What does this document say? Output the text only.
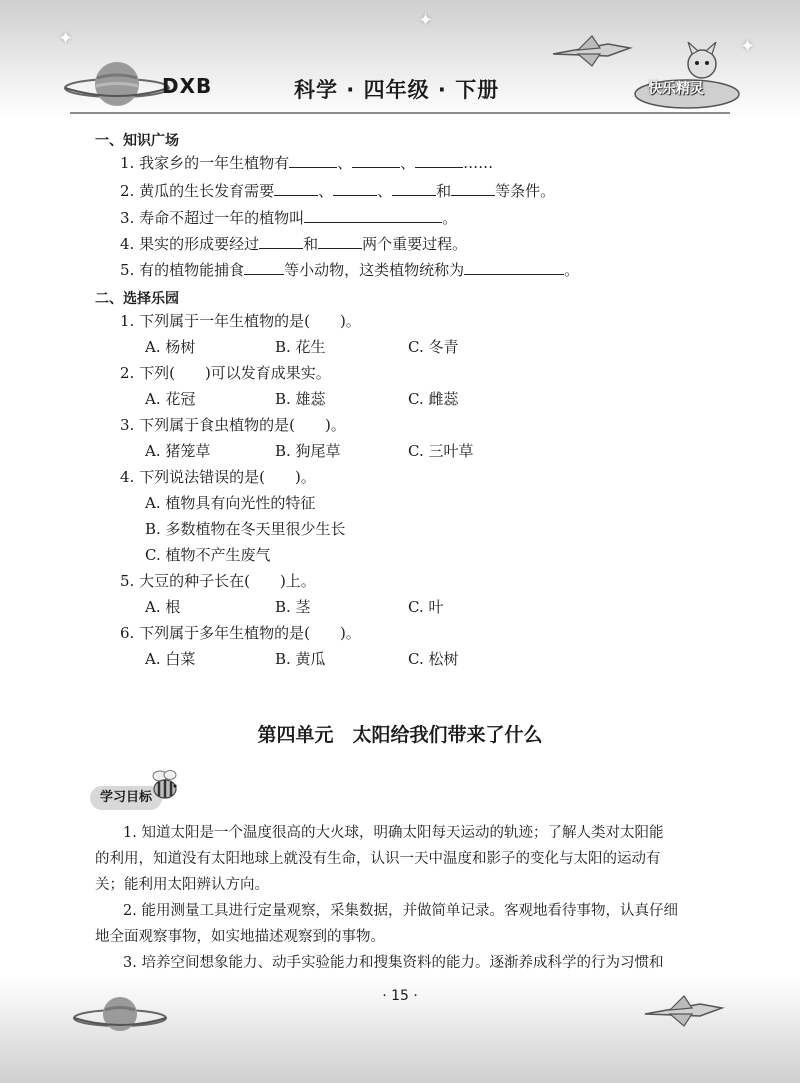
DXB	科学 · 四年级 · 下册
✦
✦
✦
快乐精灵
一、知识广场
1. 我家乡的一年生植物有	、	、	……
2. 黄瓜的生长发育需要	、	、	和	等条件。
3. 寿命不超过一年的植物叫	。
4. 果实的形成要经过	和	两个重要过程。
5. 有的植物能捕食	等小动物，这类植物统称为	。
二、选择乐园
1. 下列属于一年生植物的是( )。
A. 杨树	B. 花生	C. 冬青
2. 下列( )可以发育成果实。
A. 花冠	B. 雄蕊	C. 雌蕊
3. 下列属于食虫植物的是( )。
A. 猪笼草	B. 狗尾草	C. 三叶草
4. 下列说法错误的是( )。
A. 植物具有向光性的特征
B. 多数植物在冬天里很少生长
C. 植物不产生废气
5. 大豆的种子长在( )上。
A. 根	B. 茎	C. 叶
6. 下列属于多年生植物的是( )。
A. 白菜	B. 黄瓜	C. 松树
第四单元　太阳给我们带来了什么
学习目标
1. 知道太阳是一个温度很高的大火球，明确太阳每天运动的轨迹；了解人类对太阳能
的利用，知道没有太阳地球上就没有生命，认识一天中温度和影子的变化与太阳的运动有
关；能利用太阳辨认方向。
2. 能用测量工具进行定量观察，采集数据，并做简单记录。客观地看待事物，认真仔细
地全面观察事物，如实地描述观察到的事物。
3. 培养空间想象能力、动手实验能力和搜集资料的能力。逐渐养成科学的行为习惯和
· 15 ·
